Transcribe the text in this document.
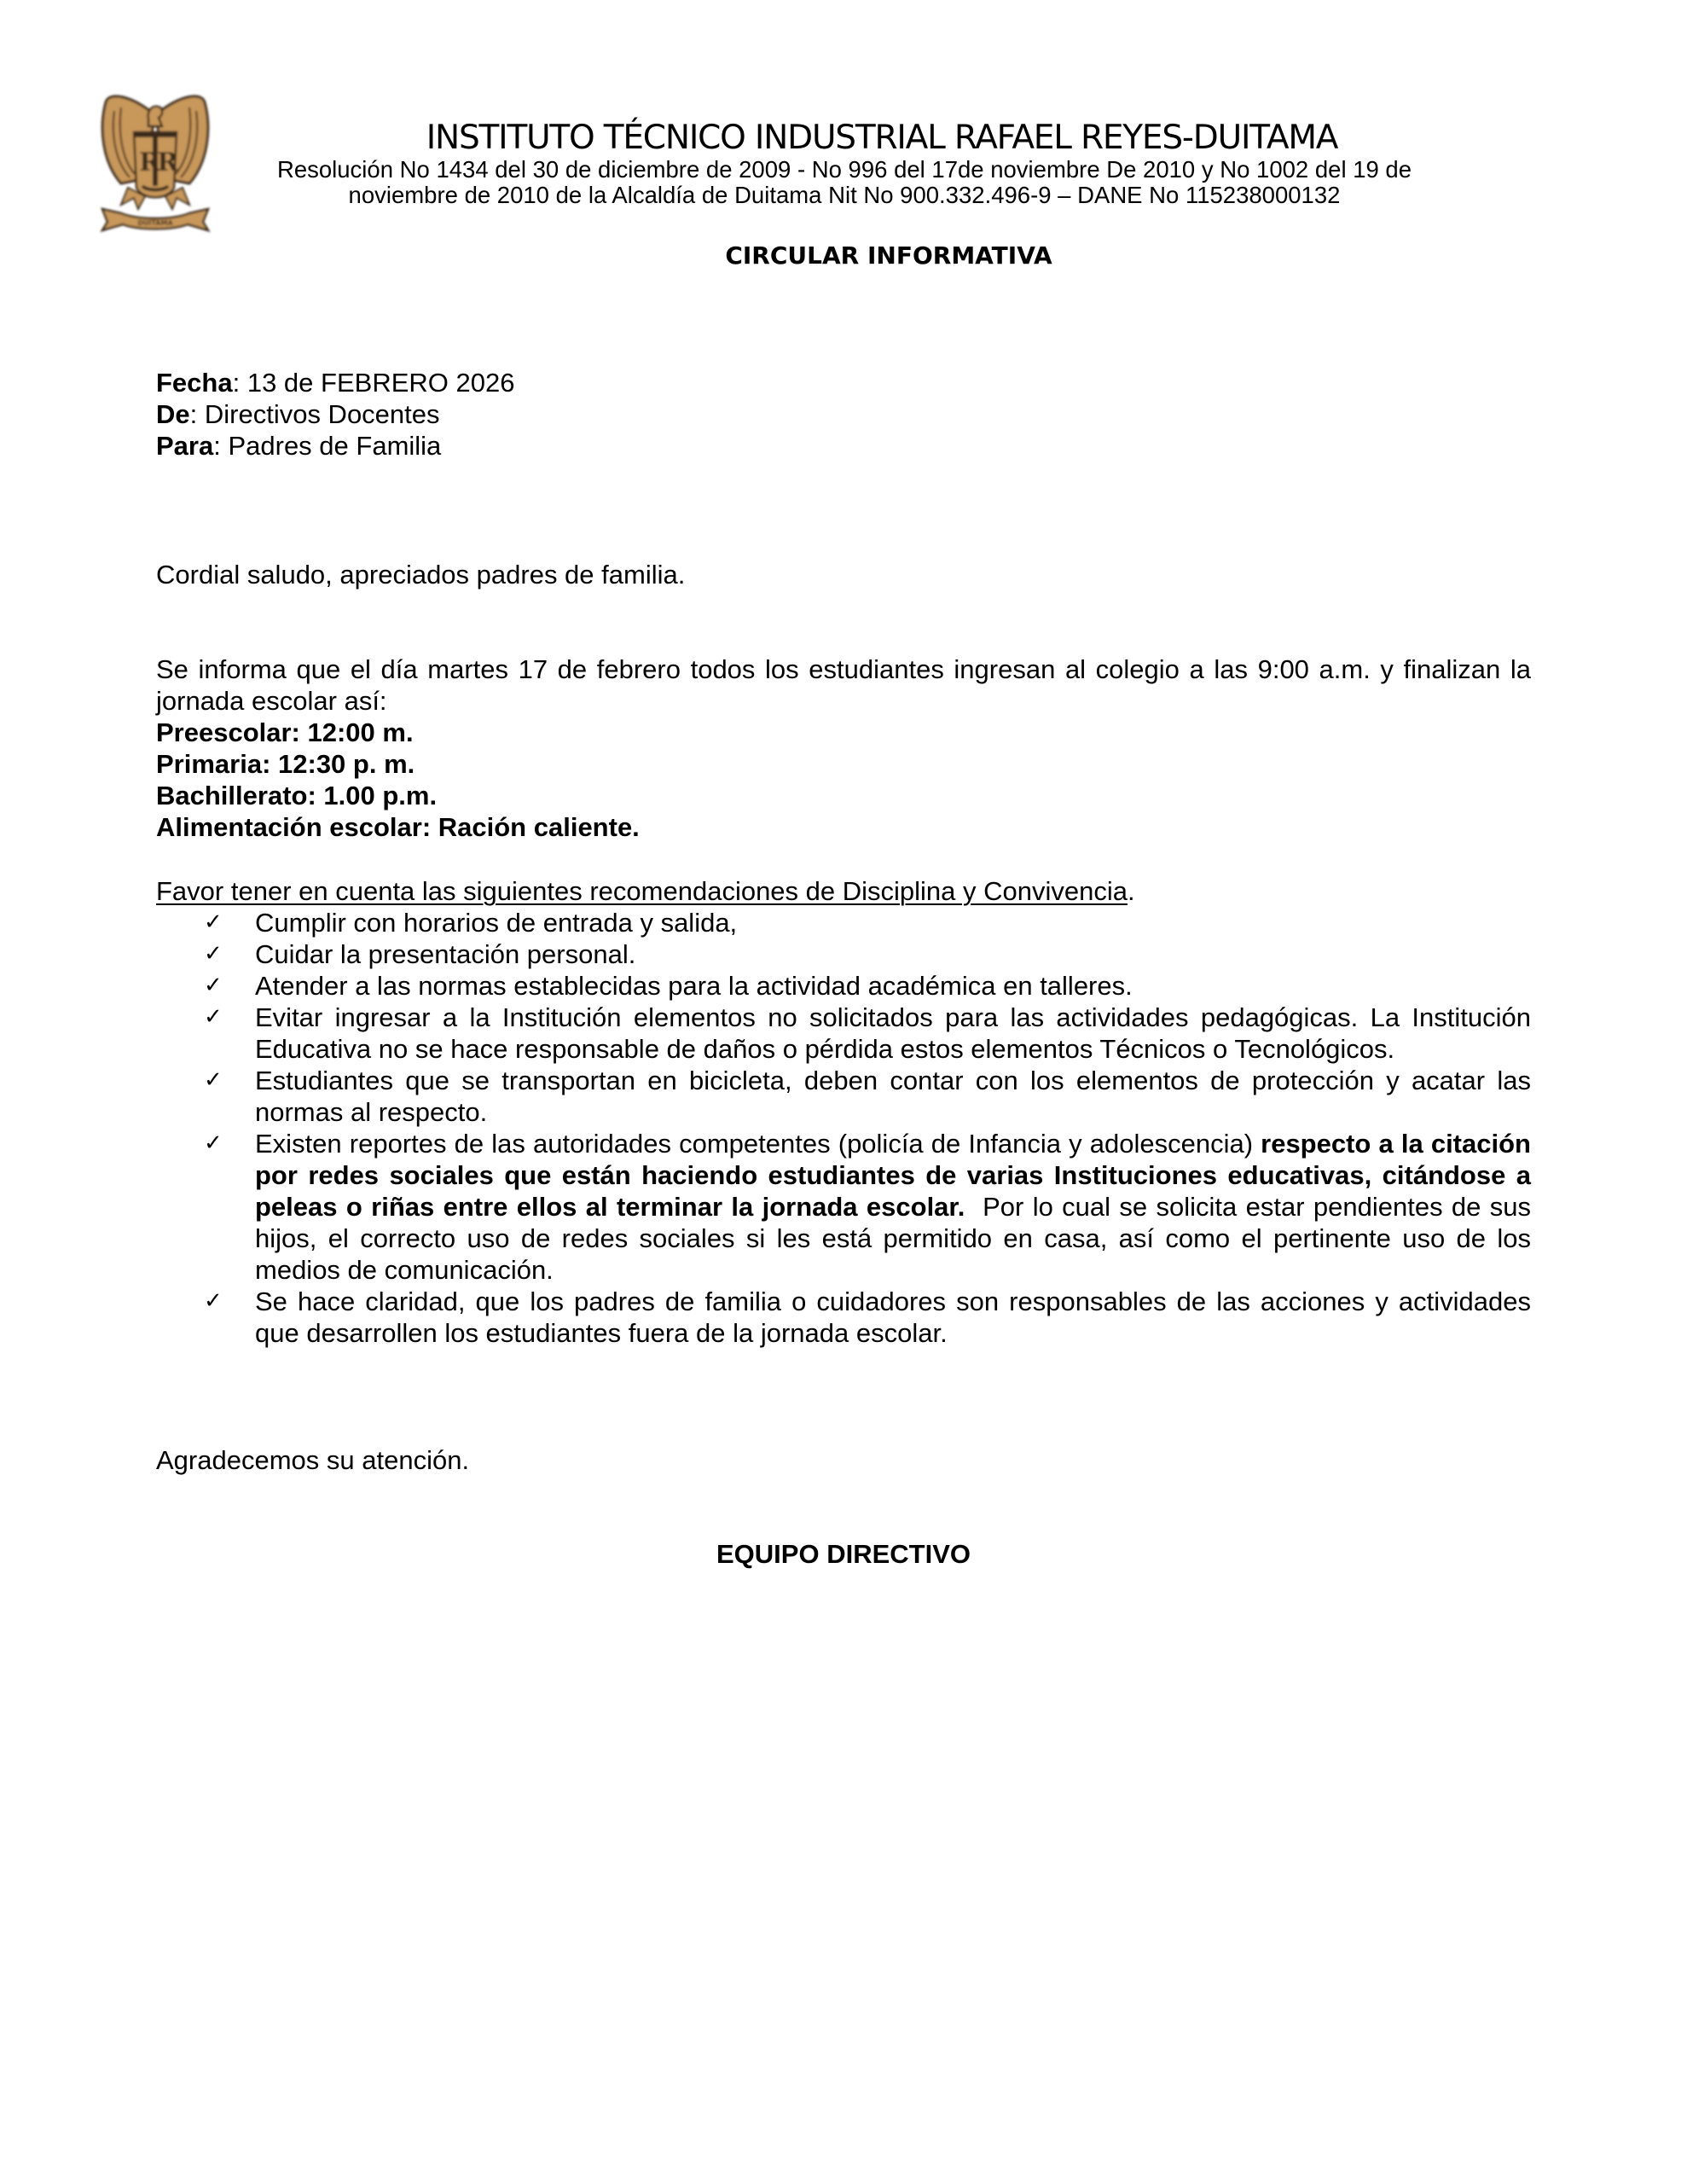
R
R
DUITAMA
INSTITUTO TÉCNICO INDUSTRIAL RAFAEL REYES-DUITAMA
Resolución No 1434 del 30 de diciembre de 2009 - No 996 del 17de noviembre De 2010 y No 1002 del 19 de
noviembre de 2010 de la Alcaldía de Duitama Nit No 900.332.496-9 – DANE No 115238000132
CIRCULAR INFORMATIVA
Fecha: 13 de FEBRERO 2026
De: Directivos Docentes
Para: Padres de Familia
Cordial saludo, apreciados padres de familia.
Se informa que el día martes 17 de febrero todos los estudiantes ingresan al colegio a las 9:00 a.m. y finalizan la jornada escolar así:
Preescolar: 12:00 m.
Primaria: 12:30 p. m.
Bachillerato: 1.00 p.m.
Alimentación escolar: Ración caliente.
Favor tener en cuenta las siguientes recomendaciones de Disciplina y Convivencia.
✓ Cumplir con horarios de entrada y salida,
✓ Cuidar la presentación personal.
✓ Atender a las normas establecidas para la actividad académica en talleres.
✓ Evitar ingresar a la Institución elementos no solicitados para las actividades pedagógicas. La Institución Educativa no se hace responsable de daños o pérdida estos elementos Técnicos o Tecnológicos.
✓ Estudiantes que se transportan en bicicleta, deben contar con los elementos de protección y acatar las normas al respecto.
✓ Existen reportes de las autoridades competentes (policía de Infancia y adolescencia) respecto a la citación por redes sociales que están haciendo estudiantes de varias Instituciones educativas, citándose a peleas o riñas entre ellos al terminar la jornada escolar.  Por lo cual se solicita estar pendientes de sus hijos, el correcto uso de redes sociales si les está permitido en casa, así como el pertinente uso de los medios de comunicación.
✓ Se hace claridad, que los padres de familia o cuidadores son responsables de las acciones y actividades que desarrollen los estudiantes fuera de la jornada escolar.
Agradecemos su atención.
EQUIPO DIRECTIVO
